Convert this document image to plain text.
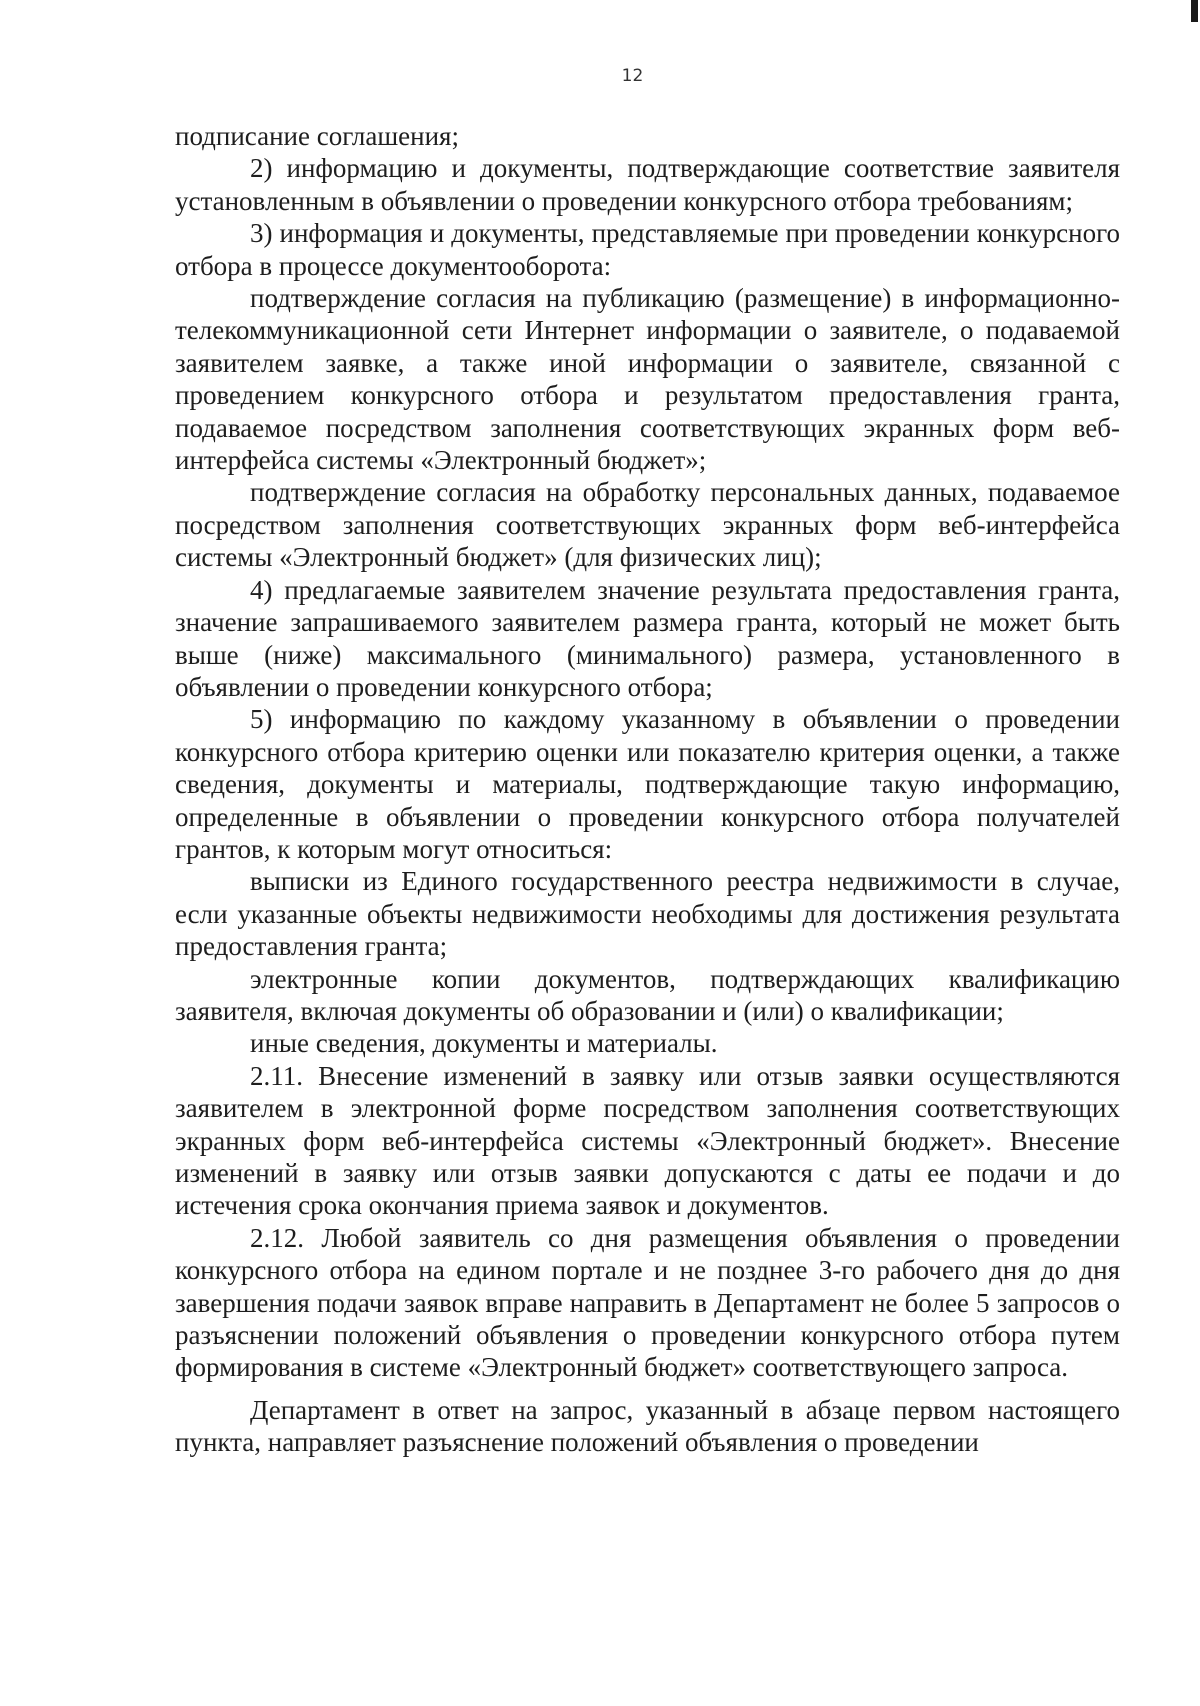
12

подписание соглашения;

2) информацию и документы, подтверждающие соответствие заявителя установленным в объявлении о проведении конкурсного отбора требованиям;

3) информация и документы, представляемые при проведении конкурсного отбора в процессе документооборота:

подтверждение согласия на публикацию (размещение) в информационно-телекоммуникационной сети Интернет информации о заявителе, о подаваемой заявителем заявке, а также иной информации о заявителе, связанной с проведением конкурсного отбора и результатом предоставления гранта, подаваемое посредством заполнения соответствующих экранных форм веб-интерфейса системы «Электронный бюджет»;

подтверждение согласия на обработку персональных данных, подаваемое посредством заполнения соответствующих экранных форм веб-интерфейса системы «Электронный бюджет» (для физических лиц);

4) предлагаемые заявителем значение результата предоставления гранта, значение запрашиваемого заявителем размера гранта, который не может быть выше (ниже) максимального (минимального) размера, установленного в объявлении о проведении конкурсного отбора;

5) информацию по каждому указанному в объявлении о проведении конкурсного отбора критерию оценки или показателю критерия оценки, а также сведения, документы и материалы, подтверждающие такую информацию, определенные в объявлении о проведении конкурсного отбора получателей грантов, к которым могут относиться:

выписки из Единого государственного реестра недвижимости в случае, если указанные объекты недвижимости необходимы для достижения результата предоставления гранта;

электронные копии документов, подтверждающих квалификацию заявителя, включая документы об образовании и (или) о квалификации;

иные сведения, документы и материалы.

2.11. Внесение изменений в заявку или отзыв заявки осуществляются заявителем в электронной форме посредством заполнения соответствующих экранных форм веб-интерфейса системы «Электронный бюджет». Внесение изменений в заявку или отзыв заявки допускаются с даты ее подачи и до истечения срока окончания приема заявок и документов.

2.12. Любой заявитель со дня размещения объявления о проведении конкурсного отбора на едином портале и не позднее 3-го рабочего дня до дня завершения подачи заявок вправе направить в Департамент не более 5 запросов о разъяснении положений объявления о проведении конкурсного отбора путем формирования в системе «Электронный бюджет» соответствующего запроса.

Департамент в ответ на запрос, указанный в абзаце первом настоящего пункта, направляет разъяснение положений объявления о проведении
